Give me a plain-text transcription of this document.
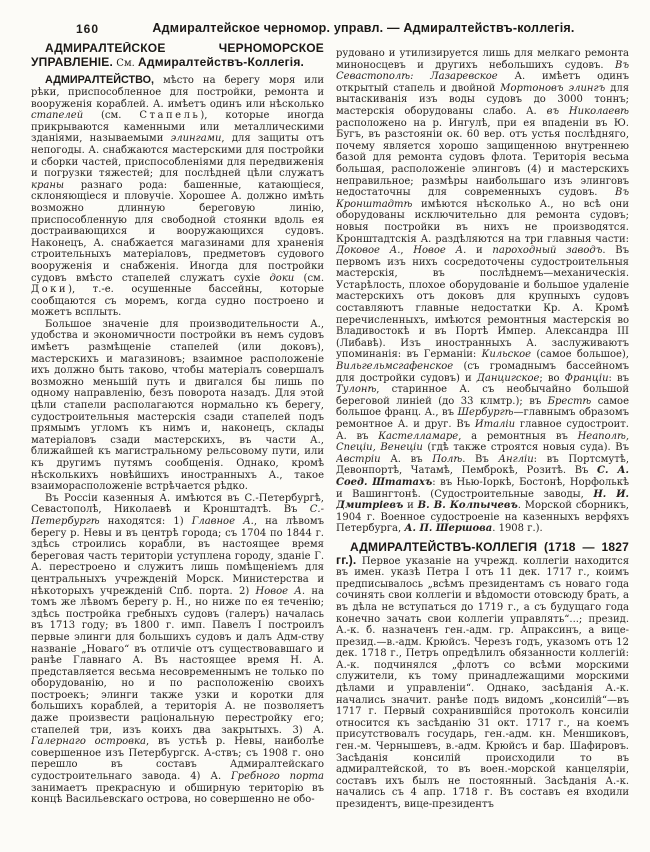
160	Адмиралтейское черномор. управл. — Адмиралтействъ-коллегія.

АДМИРАЛТЕЙСКОЕ ЧЕРНОМОРСКОЕ УПРАВЛЕНІЕ. См. Адмиралтействъ-Коллегія.

АДМИРАЛТЕЙСТВО, мѣсто на берегу моря или рѣки, приспособленное для постройки, ремонта и вооруженія кораблей. А. имѣетъ одинъ или нѣсколько стапелей (см. Стапель), которые иногда прикрываются каменными или металлическими зданіями, называемыми элингами, для защиты отъ непогоды. А. снабжаются мастерскими для постройки и сборки частей, приспособленіями для передвиженія и погрузки тяжестей; для послѣдней цѣли служатъ краны разнаго рода: башенные, катающіеся, склоняющіеся и пловучіе. Хорошее А. должно имѣть возможно длинную береговую линію, приспособленную для свободной стоянки вдоль ея достраивающихся и вооружающихся судовъ. Наконецъ, А. снабжается магазинами для храненія строительныхъ матеріаловъ, предметовъ судового вооруженія и снабженія. Иногда для постройки судовъ вмѣсто стапелей служатъ сухіе доки (см. Доки), т.-е. осушенные бассейны, которые сообщаются съ моремъ, когда судно построено и можетъ всплыть.

Большое значеніе для производительности А., удобства и экономичности постройки въ немъ судовъ имѣетъ размѣщеніе стапелей (или доковъ), мастерскихъ и магазиновъ; взаимное расположеніе ихъ должно быть таково, чтобы матеріалъ совершалъ возможно меньшій путь и двигался бы лишь по одному направленію, безъ поворота назадъ. Для этой цѣли стапели располагаются нормально къ берегу, судостроительныя мастерскія сзади стапелей подъ прямымъ угломъ къ нимъ и, наконецъ, склады матеріаловъ сзади мастерскихъ, въ части А., ближайшей къ магистральному рельсовому пути, или къ другимъ путямъ сообщенія. Однако, кромѣ нѣсколькихъ новѣйшихъ иностранныхъ А., такое взаиморасположеніе встрѣчается рѣдко.

Въ Россіи казенныя А. имѣются въ С.-Петербургѣ, Севастополѣ, Николаевѣ и Кронштадтѣ. Въ С.-Петербургѣ находятся: 1) Главное А., на лѣвомъ берегу р. Невы и въ центрѣ города; съ 1704 по 1844 г. здѣсь строились корабли, въ настоящее время береговая часть територіи уступлена городу, зданіе Г. А. перестроено и служитъ лишь помѣщеніемъ для центральныхъ учрежденій Морск. Министерства и нѣкоторыхъ учрежденій Спб. порта. 2) Новое А. на томъ же лѣвомъ берегу р. Н., но ниже по ея теченію; здѣсь постройка гребныхъ судовъ (галеръ) началась въ 1713 году; въ 1800 г. имп. Павелъ I построилъ первые элинги для большихъ судовъ и далъ Адм-ству названіе „Новаго“ въ отличіе отъ существовавшаго и ранѣе Главнаго А. Въ настоящее время Н. А. представляется весьма несовременнымъ не только по оборудованію, но и по расположенію своихъ построекъ; элинги также узки и коротки для большихъ кораблей, а територія А. не позволяетъ даже произвести раціональную перестройку его; стапелей три, изъ коихъ два закрытыхъ. 3) А. Галернаго островка, въ устьѣ р. Невы, наиболѣе совершенное изъ Петербургск. А-ствъ; съ 1908 г. оно перешло въ составъ Адмиралтейскаго судостроительнаго завода. 4) А. Гребного порта занимаетъ прекрасную и обширную територію въ концѣ Васильевскаго острова, но совершенно не обо-

рудовано и утилизируется лишь для мелкаго ремонта миноносцевъ и другихъ небольшихъ судовъ. Въ Севастополѣ: Лазаревское А. имѣетъ одинъ открытый стапель и двойной Мортоновъ элингъ для вытаскиванія изъ воды судовъ до 3000 тоннъ; мастерскія оборудованы слабо. А. въ Николаевѣ расположено на р. Ингулѣ, при ея впаденіи въ Ю. Бугъ, въ разстояніи ок. 60 вер. отъ устья послѣдняго, почему является хорошо защищенною внутреннею базой для ремонта судовъ флота. Територія весьма большая, расположеніе элинговъ (4) и мастерскихъ неправильное; размѣры наибольшаго изъ элинговъ недостаточны для современныхъ судовъ. Въ Кронштадтѣ имѣются нѣсколько А., но всѣ они оборудованы исключительно для ремонта судовъ; новыя постройки въ нихъ не производятся. Кронштадтскія А. раздѣляются на три главныя части: Доковое А., Новое А. и пароходный заводъ. Въ первомъ изъ нихъ сосредоточены судостроительныя мастерскія, въ послѣднемъ—механическія. Устарѣлость, плохое оборудованіе и большое удаленіе мастерскихъ отъ доковъ для крупныхъ судовъ составляютъ главные недостатки Кр. А. Кромѣ перечисленныхъ, имѣются ремонтныя мастерскія во Владивостокѣ и въ Портѣ Импер. Александра III (Либавѣ). Изъ иностранныхъ А. заслуживаютъ упоминанія: въ Германіи: Кильское (самое большое), Вильгельмсгафенское (съ громаднымъ бассейномъ для достройки судовъ) и Данцигское; во Франціи: въ Тулонѣ, старинное А. съ необычайно большой береговой линіей (до 33 клмтр.); въ Брестѣ самое большое франц. А., въ Шербургѣ—главнымъ образомъ ремонтное А. и друг. Въ Италіи главное судостроит. А. въ Кастелламаре, а ремонтныя въ Неаполѣ, Спеціи, Венеціи (гдѣ также строятся новыя суда). Въ Австріи А. въ Полѣ. Въ Англіи: въ Портсмутѣ, Девонпортѣ, Чатамѣ, Пемброкѣ, Розитѣ. Въ С. А. Соед. Штатахъ: въ Нью-Іоркѣ, Бостонѣ, Норфолькѣ и Вашингтонѣ. (Судостроительные заводы, Н. И. Дмитріевъ и В. В. Колпычевъ. Морской сборникъ, 1904 г. Военное судостроеніе на казенныхъ верфяхъ Петербурга, А. П. Шершова. 1908 г.).

АДМИРАЛТЕЙСТВЪ-КОЛЛЕГІЯ (1718 — 1827 гг.). Первое указаніе на учрежд. коллегіи находится въ имен. указѣ Петра I отъ 11 дек. 1717 г., коимъ предписывалось „всѣмъ президентамъ съ новаго года сочинять свои коллегіи и вѣдомости отовсюду брать, а въ дѣла не вступаться до 1719 г., а съ будущаго года конечно зачать свои коллегіи управлять“...; презид. А.-к. б. назначенъ ген.-адм. гр. Апраксинъ, а вице-презид.—в.-адм. Крюйсъ. Черезъ годъ, указомъ отъ 12 дек. 1718 г., Петръ опредѣлилъ обязанности коллегій: А.-к. подчинялся „флотъ со всѣми морскими служители, къ тому принадлежащими морскими дѣлами и управленіи“. Однако, засѣданія А.-к. начались значит. ранѣе подъ видомъ „консилій“—въ 1717 г. Первый сохранившійся протоколъ консиліи относится къ засѣданію 31 окт. 1717 г., на коемъ присутствовалъ государь, ген.-адм. кн. Меншиковъ, ген.-м. Чернышевъ, в.-адм. Крюйсъ и бар. Шафировъ. Засѣданія консилій происходили то въ адмиралтейской, то въ воен.-морской канцеляріи, составъ ихъ былъ не постоянный. Засѣданія А.-к. начались съ 4 апр. 1718 г. Въ составъ ея входили президентъ, вице-президентъ
